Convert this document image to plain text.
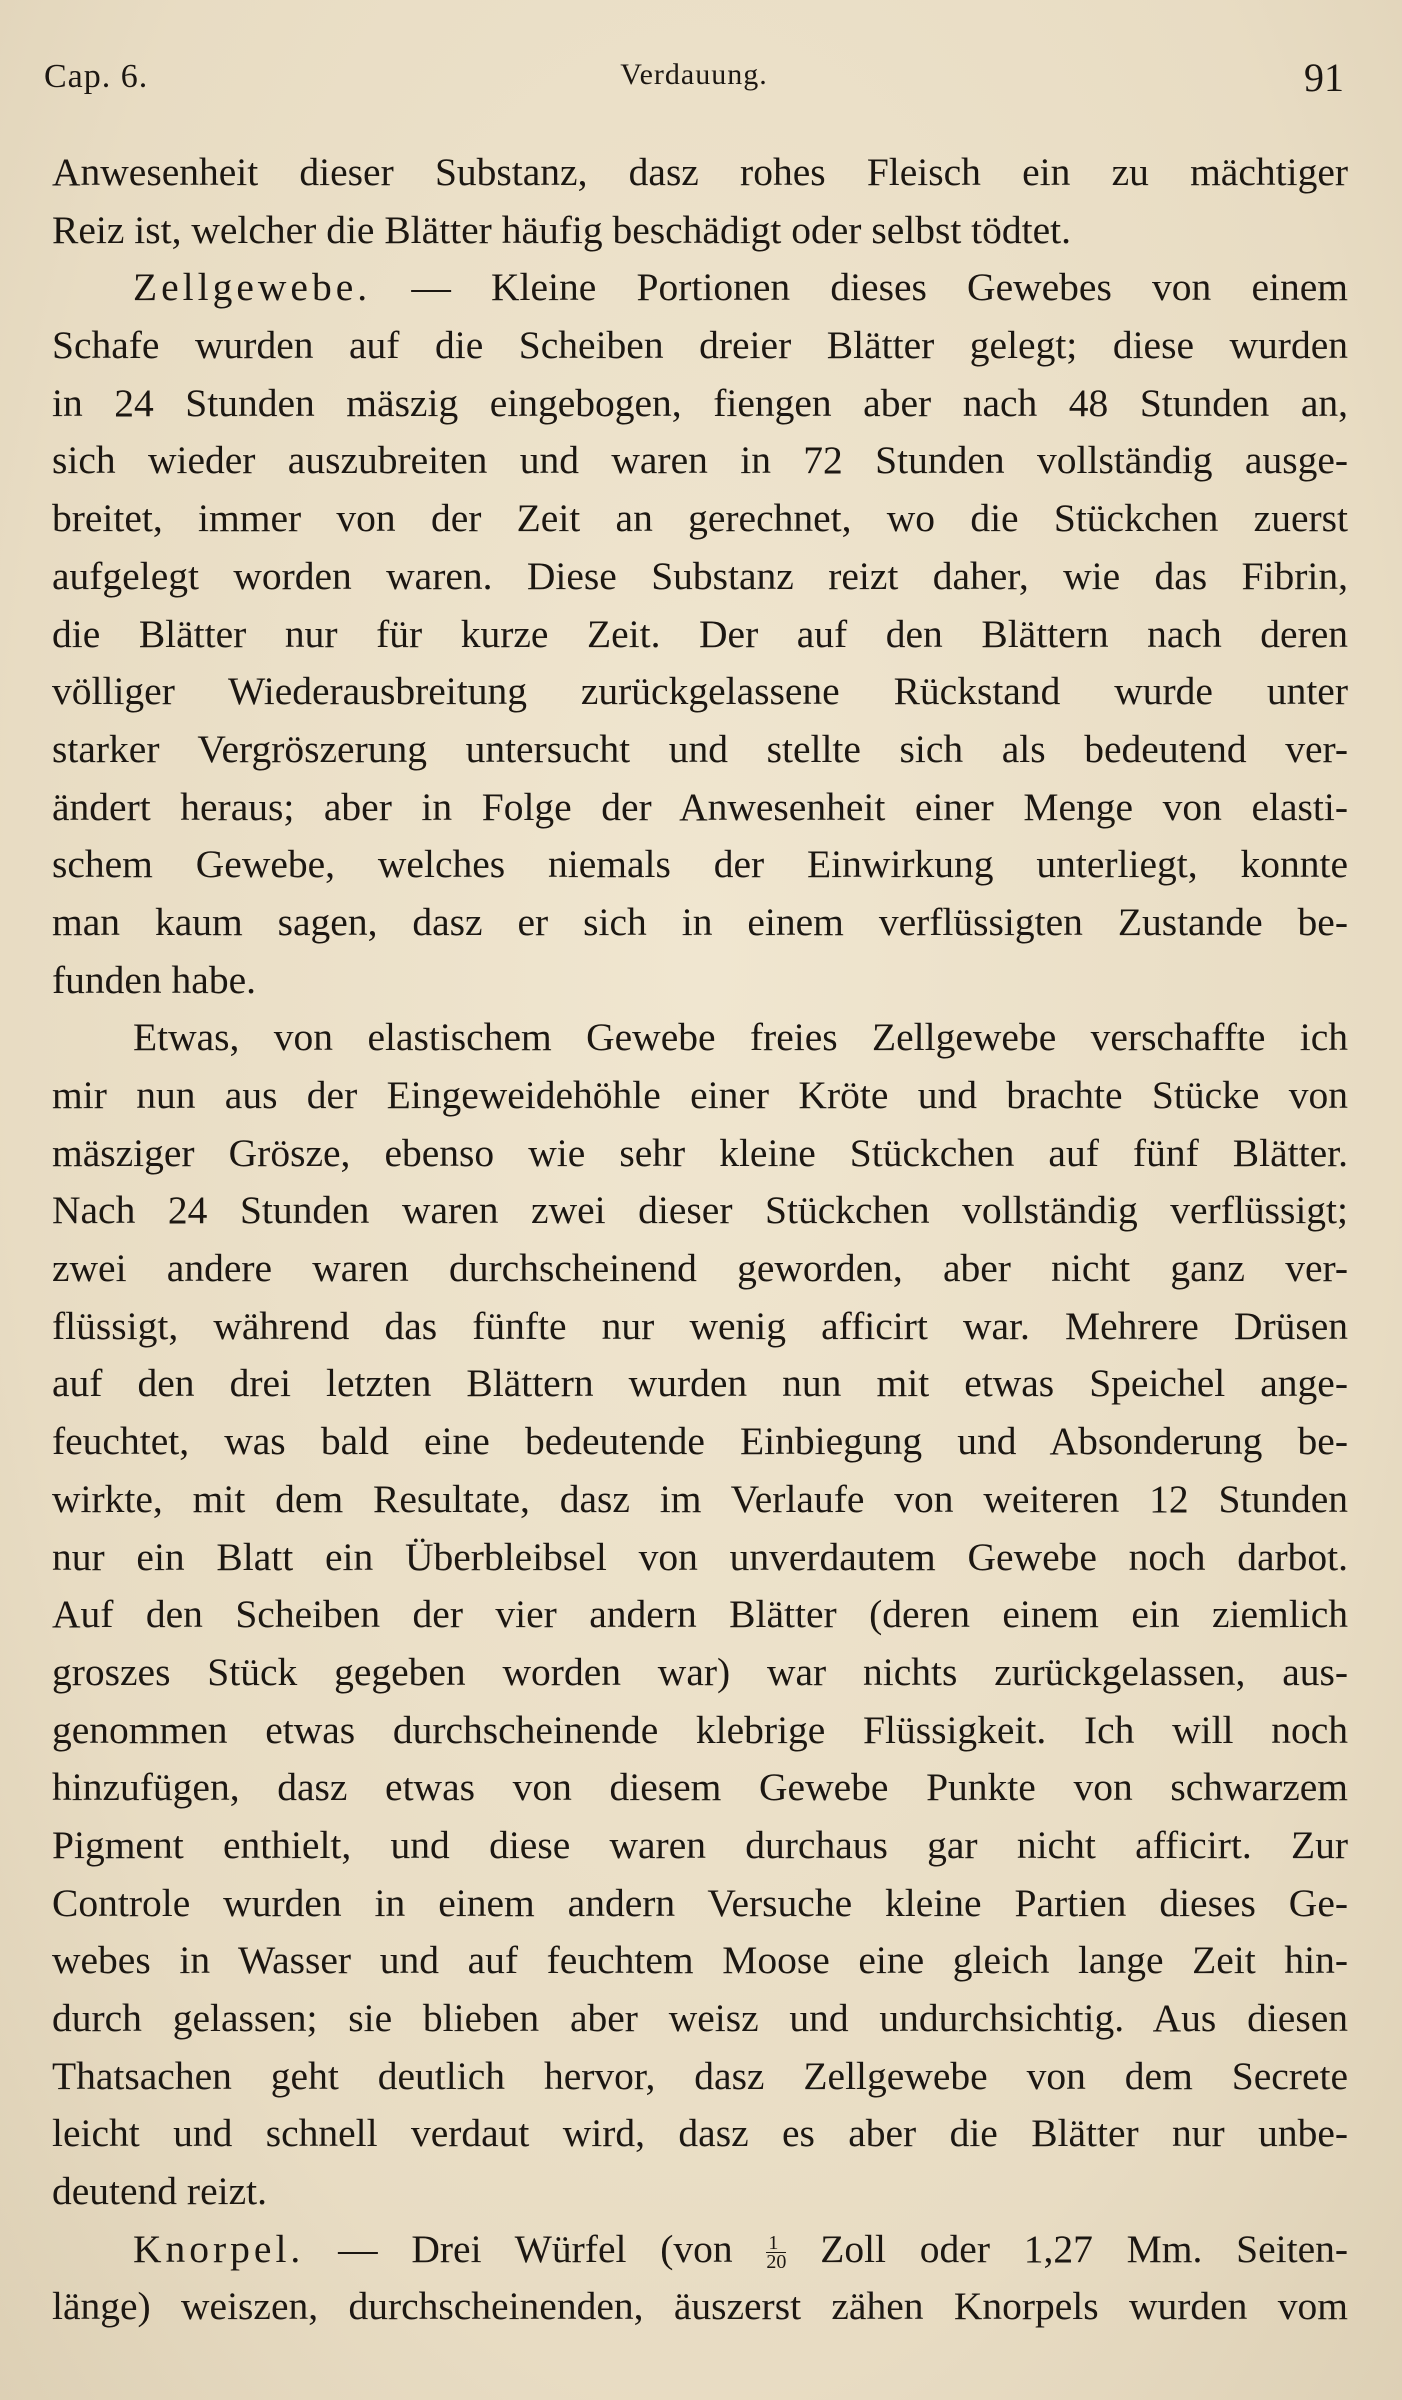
Cap. 6.	Verdauung.	91
Anwesenheit dieser Substanz, dasz rohes Fleisch ein zu mächtiger
Reiz ist, welcher die Blätter häufig beschädigt oder selbst tödtet.
Zellgewebe. — Kleine Portionen dieses Gewebes von einem
Schafe wurden auf die Scheiben dreier Blätter gelegt; diese wurden
in 24 Stunden mäszig eingebogen, fiengen aber nach 48 Stunden an,
sich wieder auszubreiten und waren in 72 Stunden vollständig ausge-
breitet, immer von der Zeit an gerechnet, wo die Stückchen zuerst
aufgelegt worden waren. Diese Substanz reizt daher, wie das Fibrin,
die Blätter nur für kurze Zeit. Der auf den Blättern nach deren
völliger Wiederausbreitung zurückgelassene Rückstand wurde unter
starker Vergröszerung untersucht und stellte sich als bedeutend ver-
ändert heraus; aber in Folge der Anwesenheit einer Menge von elasti-
schem Gewebe, welches niemals der Einwirkung unterliegt, konnte
man kaum sagen, dasz er sich in einem verflüssigten Zustande be-
funden habe.
Etwas, von elastischem Gewebe freies Zellgewebe verschaffte ich
mir nun aus der Eingeweidehöhle einer Kröte und brachte Stücke von
mäsziger Grösze, ebenso wie sehr kleine Stückchen auf fünf Blätter.
Nach 24 Stunden waren zwei dieser Stückchen vollständig verflüssigt;
zwei andere waren durchscheinend geworden, aber nicht ganz ver-
flüssigt, während das fünfte nur wenig afficirt war. Mehrere Drüsen
auf den drei letzten Blättern wurden nun mit etwas Speichel ange-
feuchtet, was bald eine bedeutende Einbiegung und Absonderung be-
wirkte, mit dem Resultate, dasz im Verlaufe von weiteren 12 Stunden
nur ein Blatt ein Überbleibsel von unverdautem Gewebe noch darbot.
Auf den Scheiben der vier andern Blätter (deren einem ein ziemlich
groszes Stück gegeben worden war) war nichts zurückgelassen, aus-
genommen etwas durchscheinende klebrige Flüssigkeit. Ich will noch
hinzufügen, dasz etwas von diesem Gewebe Punkte von schwarzem
Pigment enthielt, und diese waren durchaus gar nicht afficirt. Zur
Controle wurden in einem andern Versuche kleine Partien dieses Ge-
webes in Wasser und auf feuchtem Moose eine gleich lange Zeit hin-
durch gelassen; sie blieben aber weisz und undurchsichtig. Aus diesen
Thatsachen geht deutlich hervor, dasz Zellgewebe von dem Secrete
leicht und schnell verdaut wird, dasz es aber die Blätter nur unbe-
deutend reizt.
Knorpel. — Drei Würfel ($von \frac{1}{20}$ Zoll oder 1,27 Mm. Seiten-
länge) weiszen, durchscheinenden, äuszerst zähen Knorpels wurden vom
